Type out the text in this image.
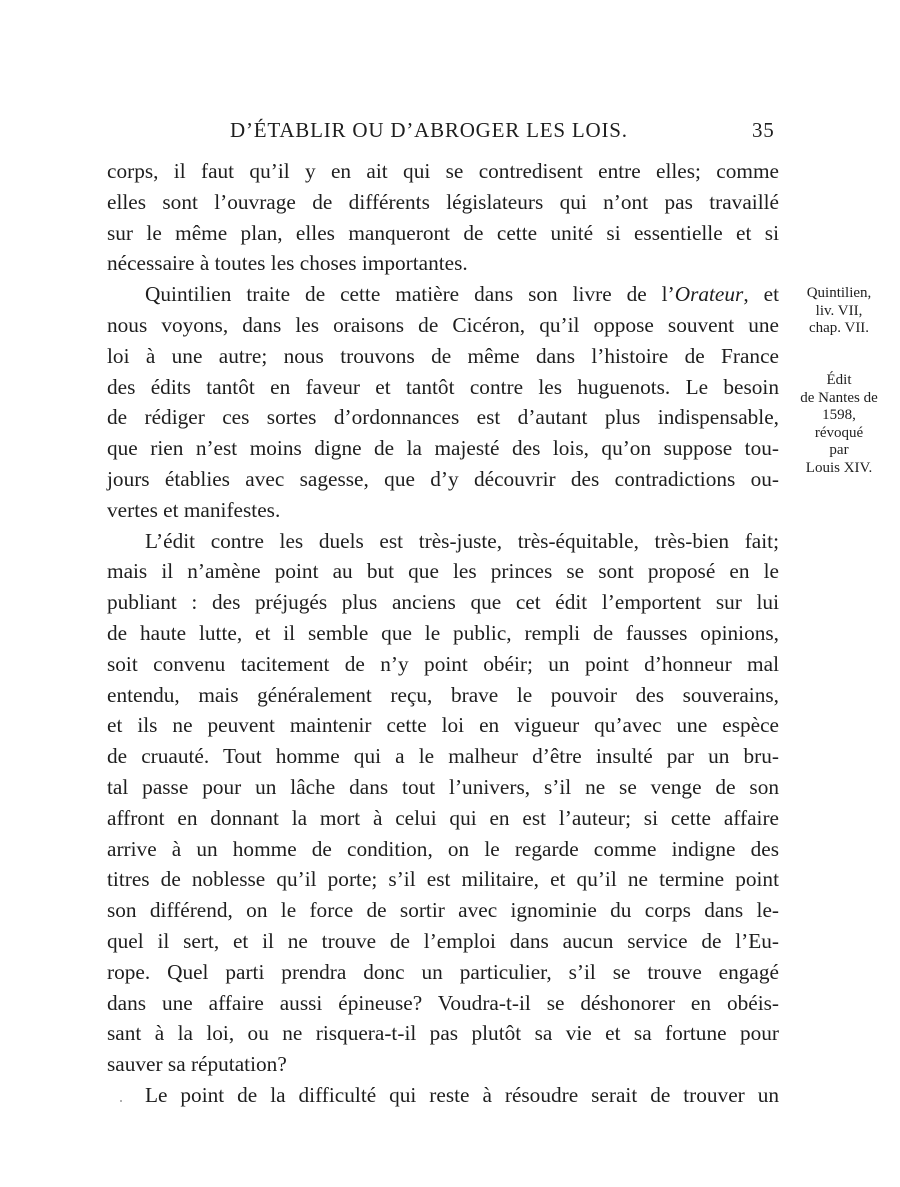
D’ÉTABLIR OU D’ABROGER LES LOIS.	35
corps, il faut qu’il y en ait qui se contredisent entre elles; comme
elles sont l’ouvrage de différents législateurs qui n’ont pas travaillé
sur le même plan, elles manqueront de cette unité si essentielle et si
nécessaire à toutes les choses importantes.
Quintilien traite de cette matière dans son livre de l’Orateur, et
nous voyons, dans les oraisons de Cicéron, qu’il oppose souvent une
loi à une autre; nous trouvons de même dans l’histoire de France
des édits tantôt en faveur et tantôt contre les huguenots. Le besoin
de rédiger ces sortes d’ordonnances est d’autant plus indispensable,
que rien n’est moins digne de la majesté des lois, qu’on suppose tou-
jours établies avec sagesse, que d’y découvrir des contradictions ou-
vertes et manifestes.
L’édit contre les duels est très-juste, très-équitable, très-bien fait;
mais il n’amène point au but que les princes se sont proposé en le
publiant : des préjugés plus anciens que cet édit l’emportent sur lui
de haute lutte, et il semble que le public, rempli de fausses opinions,
soit convenu tacitement de n’y point obéir; un point d’honneur mal
entendu, mais généralement reçu, brave le pouvoir des souverains,
et ils ne peuvent maintenir cette loi en vigueur qu’avec une espèce
de cruauté. Tout homme qui a le malheur d’être insulté par un bru-
tal passe pour un lâche dans tout l’univers, s’il ne se venge de son
affront en donnant la mort à celui qui en est l’auteur; si cette affaire
arrive à un homme de condition, on le regarde comme indigne des
titres de noblesse qu’il porte; s’il est militaire, et qu’il ne termine point
son différend, on le force de sortir avec ignominie du corps dans le-
quel il sert, et il ne trouve de l’emploi dans aucun service de l’Eu-
rope. Quel parti prendra donc un particulier, s’il se trouve engagé
dans une affaire aussi épineuse? Voudra-t-il se déshonorer en obéis-
sant à la loi, ou ne risquera-t-il pas plutôt sa vie et sa fortune pour
sauver sa réputation?
Le point de la difficulté qui reste à résoudre serait de trouver un
Quintilien,
liv. VII,
chap. VII.
Édit
de Nantes de
1598,
révoqué
par
Louis XIV.
